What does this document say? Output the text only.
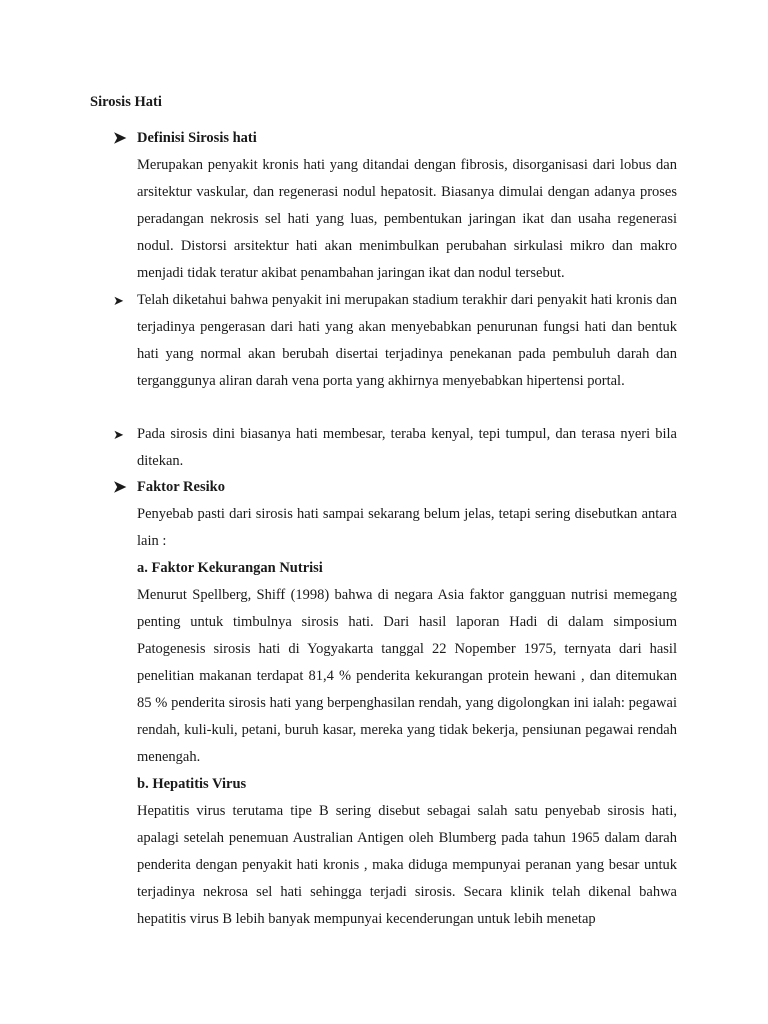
Sirosis Hati
➤ Definisi Sirosis hati

Merupakan penyakit kronis hati yang ditandai dengan fibrosis, disorganisasi dari lobus dan arsitektur vaskular, dan regenerasi nodul hepatosit. Biasanya dimulai dengan adanya proses peradangan nekrosis sel hati yang luas, pembentukan jaringan ikat dan usaha regenerasi nodul. Distorsi arsitektur hati akan menimbulkan perubahan sirkulasi mikro dan makro menjadi tidak teratur akibat penambahan jaringan ikat dan nodul tersebut.

➤ Telah diketahui bahwa penyakit ini merupakan stadium terakhir dari penyakit hati kronis dan terjadinya pengerasan dari hati yang akan menyebabkan penurunan fungsi hati dan bentuk hati yang normal akan berubah disertai terjadinya penekanan pada pembuluh darah dan terganggunya aliran darah vena porta yang akhirnya menyebabkan hipertensi portal.

➤ Pada sirosis dini biasanya hati membesar, teraba kenyal, tepi tumpul, dan terasa nyeri bila ditekan.

➤ Faktor Resiko

Penyebab pasti dari sirosis hati sampai sekarang belum jelas, tetapi sering disebutkan antara lain :

a. Faktor Kekurangan Nutrisi

Menurut Spellberg, Shiff (1998) bahwa di negara Asia faktor gangguan nutrisi memegang penting untuk timbulnya sirosis hati. Dari hasil laporan Hadi di dalam simposium Patogenesis sirosis hati di Yogyakarta tanggal 22 Nopember 1975, ternyata dari hasil penelitian makanan terdapat 81,4 % penderita kekurangan protein hewani , dan ditemukan 85 % penderita sirosis hati yang berpenghasilan rendah, yang digolongkan ini ialah: pegawai rendah, kuli-kuli, petani, buruh kasar, mereka yang tidak bekerja, pensiunan pegawai rendah menengah.

b. Hepatitis Virus

Hepatitis virus terutama tipe B sering disebut sebagai salah satu penyebab sirosis hati, apalagi setelah penemuan Australian Antigen oleh Blumberg pada tahun 1965 dalam darah penderita dengan penyakit hati kronis , maka diduga mempunyai peranan yang besar untuk terjadinya nekrosa sel hati sehingga terjadi sirosis. Secara klinik telah dikenal bahwa hepatitis virus B lebih banyak mempunyai kecenderungan untuk lebih menetap
